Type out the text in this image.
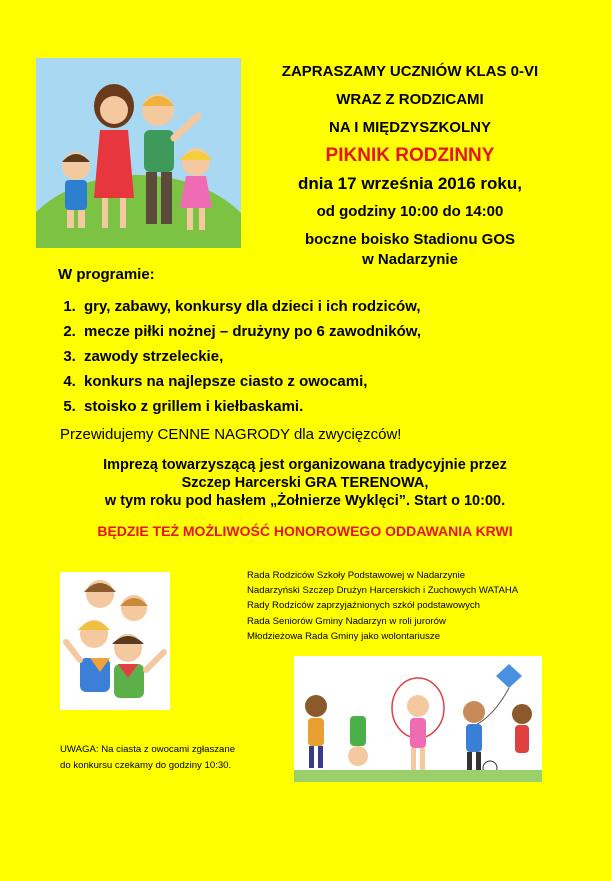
ZAPRASZAMY UCZNIÓW KLAS 0-VI
WRAZ Z RODZICAMI
NA I MIĘDZYSZKOLNY
PIKNIK RODZINNY
dnia 17 września 2016 roku,
od godziny 10:00 do 14:00
boczne boisko Stadionu GOS
w Nadarzynie
W programie:
1. gry, zabawy, konkursy dla dzieci i ich rodziców,
2. mecze piłki nożnej – drużyny po 6 zawodników,
3. zawody strzeleckie,
4. konkurs na najlepsze ciasto z owocami,
5. stoisko z grillem i kiełbaskami.
Przewidujemy CENNE NAGRODY dla zwycięzców!
Imprezą towarzyszącą jest organizowana tradycyjnie przez
Szczep Harcerski GRA TERENOWA,
w tym roku pod hasłem „Żołnierze Wyklęci”. Start o 10:00.
BĘDZIE TEŻ MOŻLIWOŚĆ HONOROWEGO ODDAWANIA KRWI
Rada Rodziców Szkoły Podstawowej w Nadarzynie
Nadarzyński Szczep Drużyn Harcerskich i Zuchowych WATAHA
Rady Rodziców zaprzyjaźnionych szkół podstawowych
Rada Seniorów Gminy Nadarzyn w roli jurorów
Młodzieżowa Rada Gminy jako wolontariusze
UWAGA: Na ciasta z owocami zgłaszane
do konkursu czekamy do godziny 10:30.
